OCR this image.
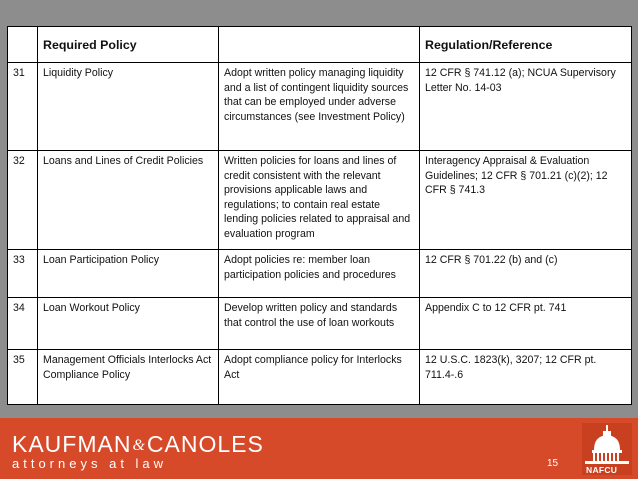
	Required Policy		Regulation/Reference
31	Liquidity Policy	Adopt written policy managing liquidity and a list of contingent liquidity sources that can be employed under adverse circumstances (see Investment Policy)	12 CFR § 741.12 (a); NCUA Supervisory Letter No. 14-03
32	Loans and Lines of Credit Policies	Written policies for loans and lines of credit consistent with the relevant provisions applicable laws and regulations; to contain real estate lending policies related to appraisal and evaluation program	Interagency Appraisal & Evaluation Guidelines; 12 CFR § 701.21 (c)(2); 12 CFR § 741.3
33	Loan Participation Policy	Adopt policies re: member loan participation policies and procedures	12 CFR § 701.22 (b) and (c)
34	Loan Workout Policy	Develop written policy and standards that control the use of loan workouts	Appendix C to 12 CFR pt. 741
35	Management Officials Interlocks Act Compliance Policy	Adopt compliance policy for Interlocks Act	12 U.S.C. 1823(k), 3207; 12 CFR pt. 711.4-.6
KAUFMAN&CANOLES
attorneys at law	15
NAFCU
